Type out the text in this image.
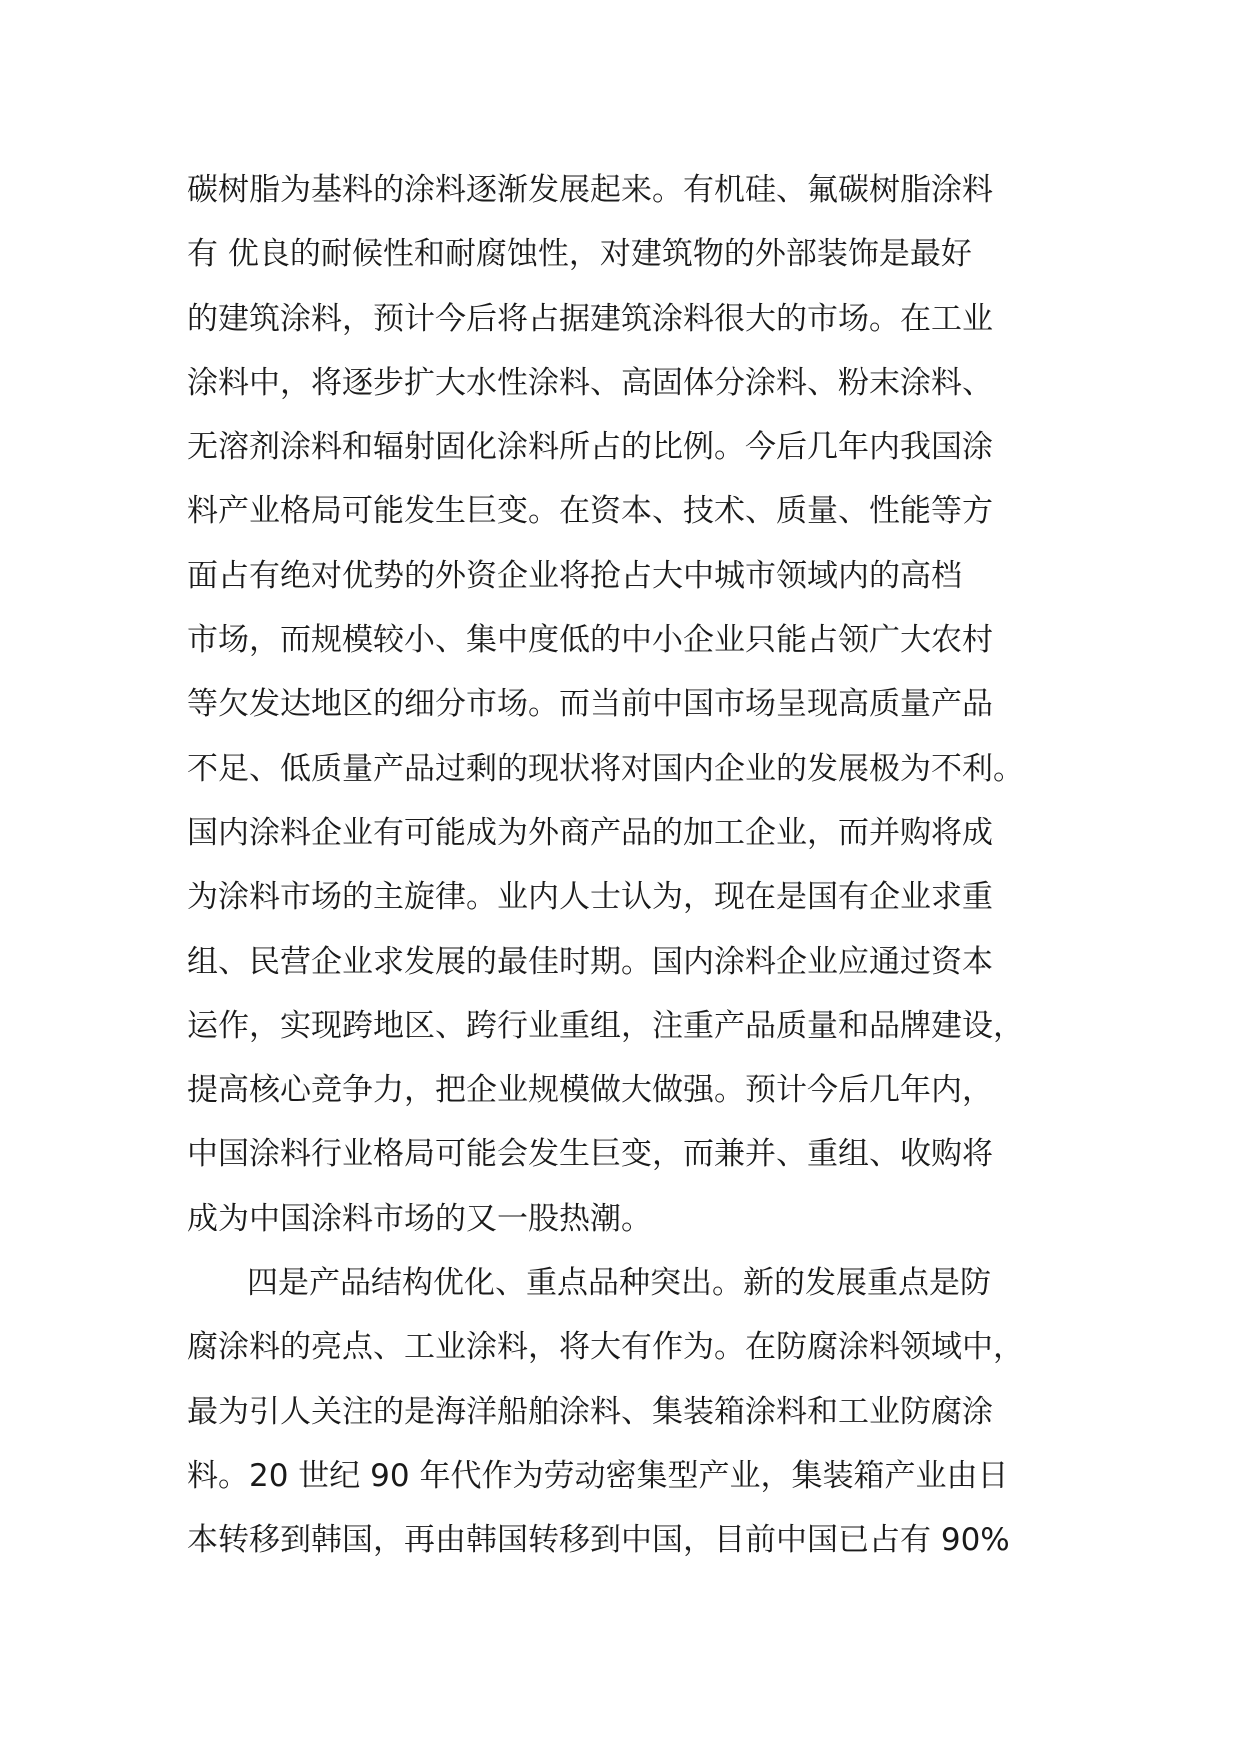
碳树脂为基料的涂料逐渐发展起来。有机硅、氟碳树脂涂料
有 优良的耐候性和耐腐蚀性，对建筑物的外部装饰是最好
的建筑涂料，预计今后将占据建筑涂料很大的市场。在工业
涂料中，将逐步扩大水性涂料、高固体分涂料、粉末涂料、
无溶剂涂料和辐射固化涂料所占的比例。今后几年内我国涂
料产业格局可能发生巨变。在资本、技术、质量、性能等方
面占有绝对优势的外资企业将抢占大中城市领域内的高档
市场，而规模较小、集中度低的中小企业只能占领广大农村
等欠发达地区的细分市场。而当前中国市场呈现高质量产品
不足、低质量产品过剩的现状将对国内企业的发展极为不利。
国内涂料企业有可能成为外商产品的加工企业，而并购将成
为涂料市场的主旋律。业内人士认为，现在是国有企业求重
组、民营企业求发展的最佳时期。国内涂料企业应通过资本
运作，实现跨地区、跨行业重组，注重产品质量和品牌建设，
提高核心竞争力，把企业规模做大做强。预计今后几年内，
中国涂料行业格局可能会发生巨变，而兼并、重组、收购将
成为中国涂料市场的又一股热潮。
四是产品结构优化、重点品种突出。新的发展重点是防
腐涂料的亮点、工业涂料，将大有作为。在防腐涂料领域中，
最为引人关注的是海洋船舶涂料、集装箱涂料和工业防腐涂
料。20 世纪 90 年代作为劳动密集型产业，集装箱产业由日
本转移到韩国，再由韩国转移到中国，目前中国已占有 90%
